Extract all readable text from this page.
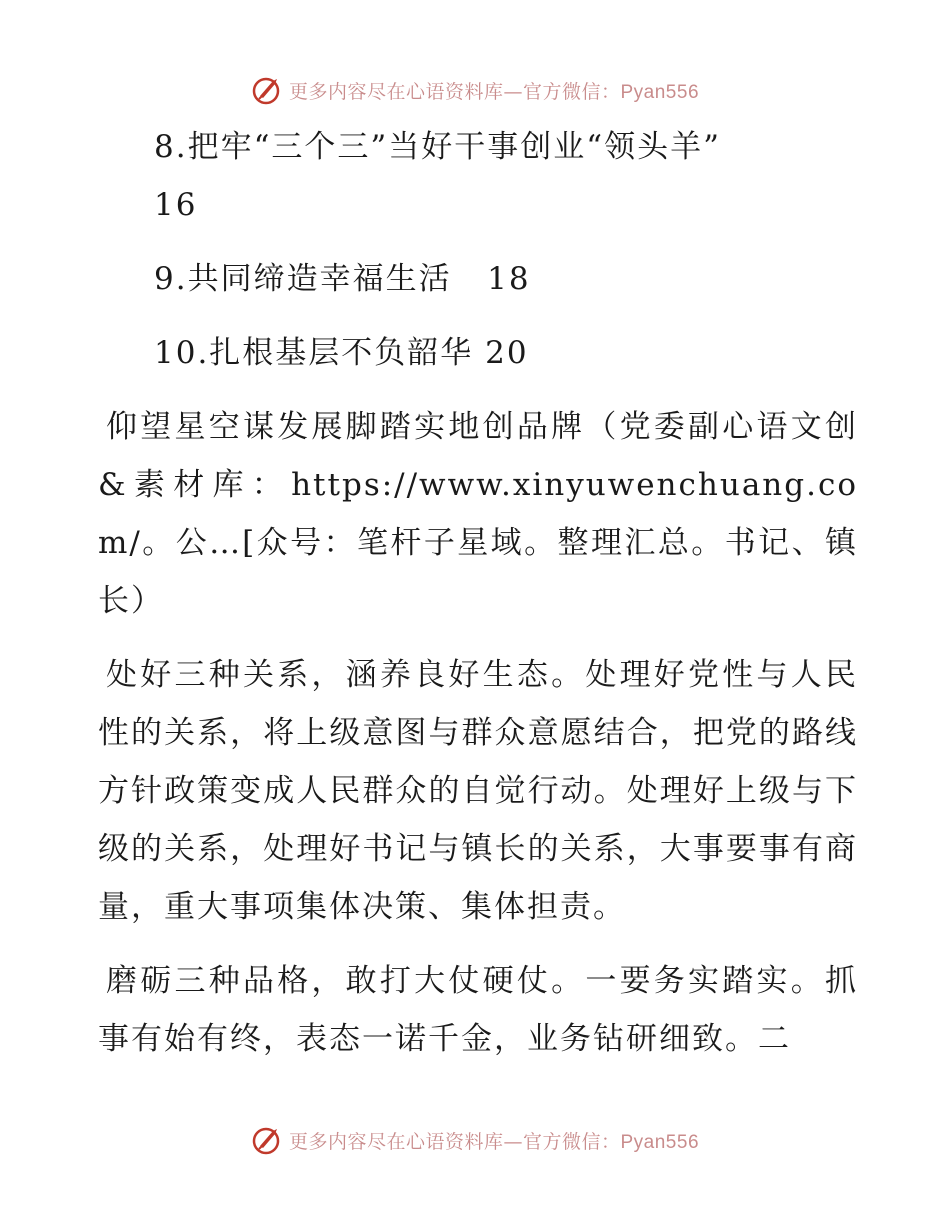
更多内容尽在心语资料库—官方微信：Pyan556
8.把牢“三个三”当好干事创业“领头羊”
16
9.共同缔造幸福生活 18
10.扎根基层不负韶华 20
仰望星空谋发展脚踏实地创品牌（党委副心语文创&素材库：https://www.xinyuwenchuang.com/。公…[众号：笔杆子星域。整理汇总。书记、镇长）
处好三种关系，涵养良好生态。处理好党性与人民性的关系，将上级意图与群众意愿结合，把党的路线方针政策变成人民群众的自觉行动。处理好上级与下级的关系，处理好书记与镇长的关系，大事要事有商量，重大事项集体决策、集体担责。
磨砺三种品格，敢打大仗硬仗。一要务实踏实。抓事有始有终，表态一诺千金，业务钻研细致。二
更多内容尽在心语资料库—官方微信：Pyan556
